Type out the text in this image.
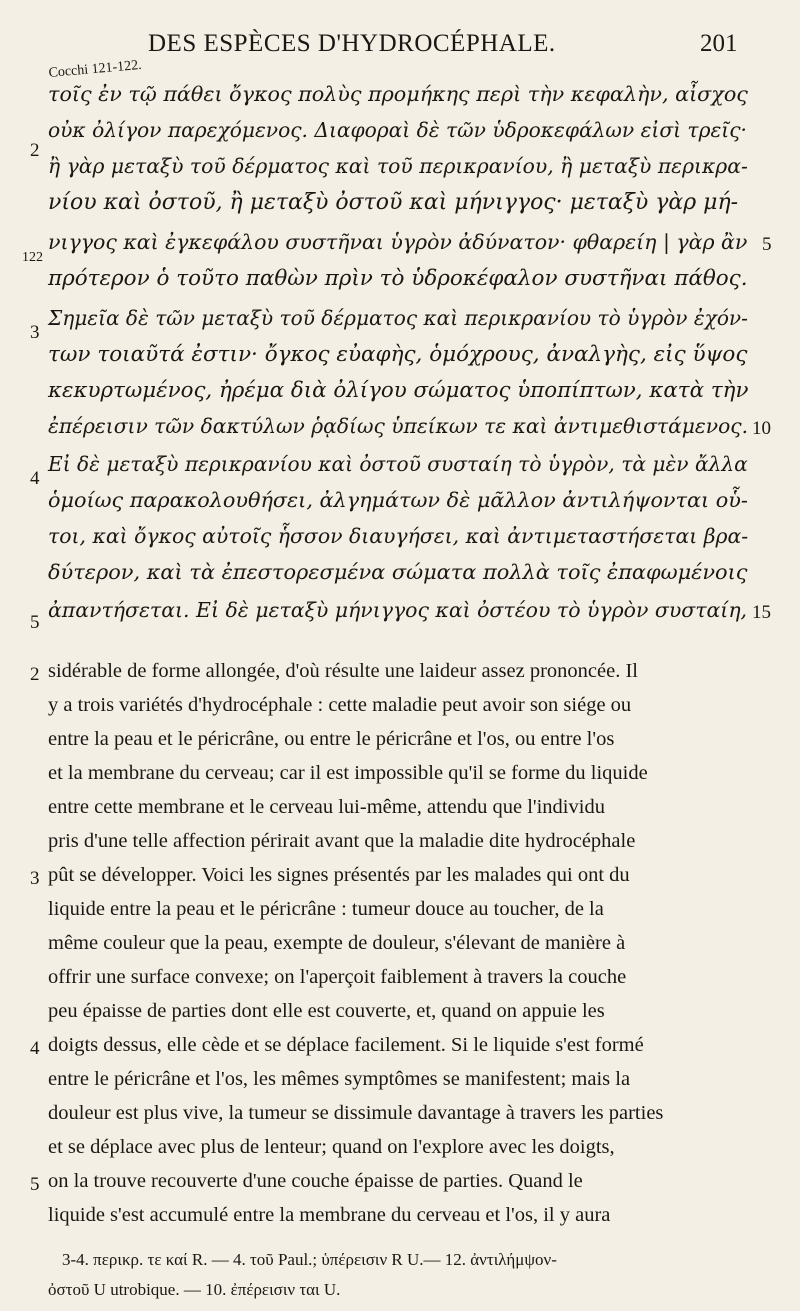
DES ESPÈCES D'HYDROCÉPHALE.	201
Cocchi 121-122.
122
τοῖς ἐν τῷ πάθει ὄγκος πολὺς προμήκης περὶ τὴν κεφαλὴν, αἶσχος
οὐκ ὀλίγον παρεχόμενος. Διαφοραὶ δὲ τῶν ὑδροκεφάλων εἰσὶ τρεῖς·
ἢ γὰρ μεταξὺ τοῦ δέρματος καὶ τοῦ περικρανίου, ἢ μεταξὺ περικρα-
νίου καὶ ὀστοῦ, ἢ μεταξὺ ὀστοῦ καὶ μήνιγγος· μεταξὺ γὰρ μή-
νιγγος καὶ ἐγκεφάλου συστῆναι ὑγρὸν ἀδύνατον· φθαρείη | γὰρ ἂν
πρότερον ὁ τοῦτο παθὼν πρὶν τὸ ὑδροκέφαλον συστῆναι πάθος.
Σημεῖα δὲ τῶν μεταξὺ τοῦ δέρματος καὶ περικρανίου τὸ ὑγρὸν ἐχόν-
των τοιαῦτά ἐστιν· ὄγκος εὐαφὴς, ὁμόχρους, ἀναλγὴς, εἰς ὕψος
κεκυρτωμένος, ἠρέμα διὰ ὀλίγου σώματος ὑποπίπτων, κατὰ τὴν
ἐπέρεισιν τῶν δακτύλων ῥᾳδίως ὑπείκων τε καὶ ἀντιμεθιστάμενος.
Εἰ δὲ μεταξὺ περικρανίου καὶ ὀστοῦ συσταίη τὸ ὑγρὸν, τὰ μὲν ἄλλα
ὁμοίως παρακολουθήσει, ἀλγημάτων δὲ μᾶλλον ἀντιλήψονται οὗ-
τοι, καὶ ὄγκος αὐτοῖς ἧσσον διαυγήσει, καὶ ἀντιμεταστήσεται βρα-
δύτερον, καὶ τὰ ἐπεστορεσμένα σώματα πολλὰ τοῖς ἐπαφωμένοις
ἀπαντήσεται. Εἰ δὲ μεταξὺ μήνιγγος καὶ ὀστέου τὸ ὑγρὸν συσταίη,
2
3
4
5
5
10
15
sidérable de forme allongée, d'où résulte une laideur assez prononcée. Il
y a trois variétés d'hydrocéphale : cette maladie peut avoir son siége ou
entre la peau et le péricrâne, ou entre le péricrâne et l'os, ou entre l'os
et la membrane du cerveau; car il est impossible qu'il se forme du liquide
entre cette membrane et le cerveau lui-même, attendu que l'individu
pris d'une telle affection périrait avant que la maladie dite hydrocéphale
pût se développer. Voici les signes présentés par les malades qui ont du
liquide entre la peau et le péricrâne : tumeur douce au toucher, de la
même couleur que la peau, exempte de douleur, s'élevant de manière à
offrir une surface convexe; on l'aperçoit faiblement à travers la couche
peu épaisse de parties dont elle est couverte, et, quand on appuie les
doigts dessus, elle cède et se déplace facilement. Si le liquide s'est formé
entre le péricrâne et l'os, les mêmes symptômes se manifestent; mais la
douleur est plus vive, la tumeur se dissimule davantage à travers les parties
et se déplace avec plus de lenteur; quand on l'explore avec les doigts,
on la trouve recouverte d'une couche épaisse de parties. Quand le
liquide s'est accumulé entre la membrane du cerveau et l'os, il y aura
2
3
4
5
3-4. περικρ. τε καί R. — 4. τοῦ Paul.; ὑπέρεισιν R U.— 12. ἀντιλήμψον-
ὀστοῦ U utrobique. — 10. ἐπέρεισιν ται U.
